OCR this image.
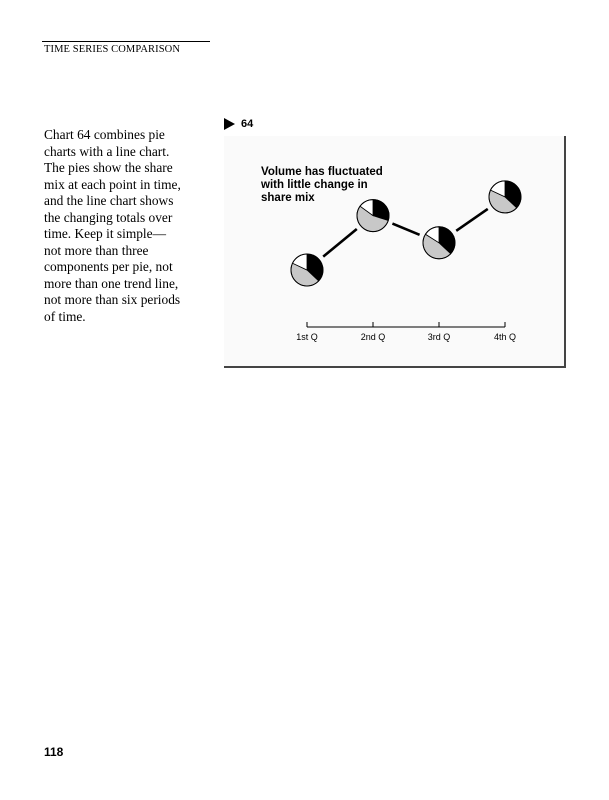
TIME SERIES COMPARISON
Chart 64 combines pie
charts with a line chart.
The pies show the share
mix at each point in time,
and the line chart shows
the changing totals over
time. Keep it simple—
not more than three
components per pie, not
more than one trend line,
not more than six periods
of time.
64
Volume has fluctuated with little change in share mix
1st Q	2nd Q	3rd Q	4th Q
118
